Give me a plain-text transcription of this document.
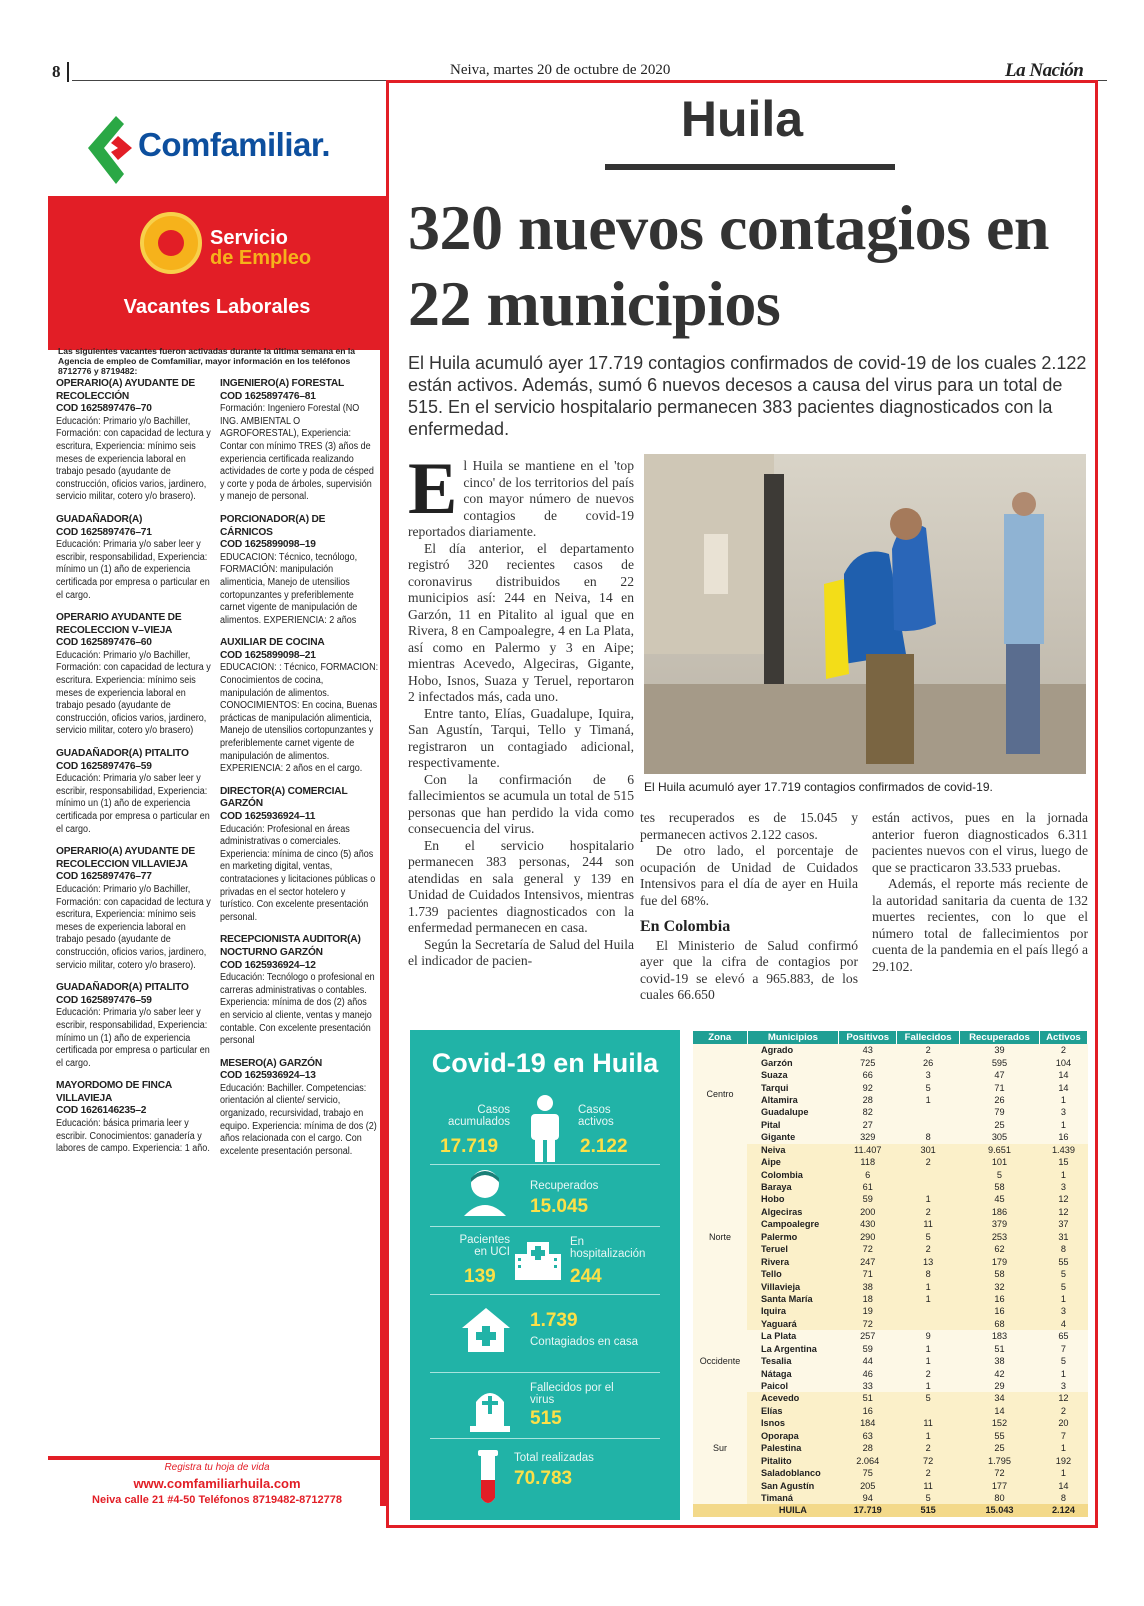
8	Neiva, martes 20 de octubre de 2020	La Nación
Comfamiliar.
Servicio
de Empleo
Vacantes Laborales
Las siguientes vacantes fueron activadas durante la última semana en la Agencia de empleo de Comfamiliar, mayor información en los teléfonos 8712776 y 8719482:
OPERARIO(A) AYUDANTE DE RECOLECCIÓN
COD 1625897476–70
Educación: Primario y/o Bachiller, Formación: con capacidad de lectura y escritura, Experiencia: mínimo seis meses de experiencia laboral en trabajo pesado (ayudante de construcción, oficios varios, jardinero, servicio militar, cotero y/o brasero).
GUADAÑADOR(A)
COD 1625897476–71
Educación: Primaria y/o saber leer y escribir, responsabilidad, Experiencia: mínimo un (1) año de experiencia certificada por empresa o particular en el cargo.
OPERARIO AYUDANTE DE RECOLECCION V–VIEJA
COD 1625897476–60
Educación: Primario y/o Bachiller, Formación: con capacidad de lectura y escritura. Experiencia: mínimo seis meses de experiencia laboral en trabajo pesado (ayudante de construcción, oficios varios, jardinero, servicio militar, cotero y/o brasero)
GUADAÑADOR(A) PITALITO
COD 1625897476–59
Educación: Primaria y/o saber leer y escribir, responsabilidad, Experiencia: mínimo un (1) año de experiencia certificada por empresa o particular en el cargo.
OPERARIO(A) AYUDANTE DE RECOLECCION VILLAVIEJA
COD 1625897476–77
Educación: Primario y/o Bachiller, Formación: con capacidad de lectura y escritura, Experiencia: mínimo seis meses de experiencia laboral en trabajo pesado (ayudante de construcción, oficios varios, jardinero, servicio militar, cotero y/o brasero).
GUADAÑADOR(A) PITALITO
COD 1625897476–59
Educación: Primaria y/o saber leer y escribir, responsabilidad, Experiencia: mínimo un (1) año de experiencia certificada por empresa o particular en el cargo.
MAYORDOMO DE FINCA VILLAVIEJA
COD 1626146235–2
Educación: básica primaria leer y escribir. Conocimientos: ganadería y labores de campo. Experiencia: 1 año.
INGENIERO(A) FORESTAL
COD 1625897476–81
Formación: Ingeniero Forestal (NO ING. AMBIENTAL O AGROFORESTAL), Experiencia: Contar con mínimo TRES (3) años de experiencia certificada realizando actividades de corte y poda de césped y corte y poda de árboles, supervisión y manejo de personal.
PORCIONADOR(A) DE CÁRNICOS
COD 1625899098–19
EDUCACION: Técnico, tecnólogo, FORMACIÓN: manipulación alimenticia, Manejo de utensilios cortopunzantes y preferiblemente carnet vigente de manipulación de alimentos. EXPERIENCIA: 2 años
AUXILIAR DE COCINA
COD 1625899098–21
EDUCACIÓN: : Técnico, FORMACIÓN: Conocimientos de cocina, manipulación de alimentos. CONOCIMIENTOS: En cocina, Buenas prácticas de manipulación alimenticia, Manejo de utensilios cortopunzantes y preferiblemente carnet vigente de manipulación de alimentos. EXPERIENCIA: 2 años en el cargo.
DIRECTOR(A) COMERCIAL GARZÓN
COD 1625936924–11
Educación: Profesional en áreas administrativas o comerciales. Experiencia: mínima de cinco (5) años en marketing digital, ventas, contrataciones y licitaciones públicas o privadas en el sector hotelero y turístico. Con excelente presentación personal.
RECEPCIONISTA AUDITOR(A) NOCTURNO GARZÓN
COD 1625936924–12
Educación: Tecnólogo o profesional en carreras administrativas o contables. Experiencia: mínima de dos (2) años en servicio al cliente, ventas y manejo contable. Con excelente presentación personal
MESERO(A) GARZÓN
COD 1625936924–13
Educación: Bachiller. Competencias: orientación al cliente/ servicio, organizado, recursividad, trabajo en equipo. Experiencia: mínima de dos (2) años relacionada con el cargo. Con excelente presentación personal.
Registra tu hoja de vida
www.comfamiliarhuila.com
Neiva calle 21 #4-50 Teléfonos 8719482-8712778
Huila
320 nuevos contagios en 22 municipios
El Huila acumuló ayer 17.719 contagios confirmados de covid-19 de los cuales 2.122 están activos. Además, sumó 6 nuevos decesos a causa del virus para un total de 515. En el servicio hospitalario permanecen 383 pacientes diagnosticados con la enfermedad.
E l Huila se mantiene en el 'top cinco' de los territorios del país con mayor número de nuevos contagios de covid-19 reportados diariamente.

El día anterior, el departamento registró 320 recientes casos de coronavirus distribuidos en 22 municipios así: 244 en Neiva, 14 en Garzón, 11 en Pitalito al igual que en Rivera, 8 en Campoalegre, 4 en La Plata, así como en Palermo y 3 en Aipe; mientras Acevedo, Algeciras, Gigante, Hobo, Isnos, Suaza y Teruel, reportaron 2 infectados más, cada uno.

Entre tanto, Elías, Guadalupe, Iquira, San Agustín, Tarqui, Tello y Timaná, registraron un contagiado adicional, respectivamente.

Con la confirmación de 6 fallecimientos se acumula un total de 515 personas que han perdido la vida como consecuencia del virus.

En el servicio hospitalario permanecen 383 personas, 244 son atendidas en sala general y 139 en Unidad de Cuidados Intensivos, mientras 1.739 pacientes diagnosticados con la enfermedad permanecen en casa.

Según la Secretaría de Salud del Huila el indicador de pacien-

El Huila acumuló ayer 17.719 contagios confirmados de covid-19.

tes recuperados es de 15.045 y permanecen activos 2.122 casos.

De otro lado, el porcentaje de ocupación de Unidad de Cuidados Intensivos para el día de ayer en Huila fue del 68%.

En Colombia

El Ministerio de Salud confirmó ayer que la cifra de contagios por covid-19 se elevó a 965.883, de los cuales 66.650

están activos, pues en la jornada anterior fueron diagnosticados 6.311 pacientes nuevos con el virus, luego de que se practicaron 33.533 pruebas.

Además, el reporte más reciente de la autoridad sanitaria da cuenta de 132 muertes recientes, con lo que el número total de fallecimientos por cuenta de la pandemia en el país llegó a 29.102.

Covid-19 en Huila
Casos acumulados
Casos activos
17.719	2.122
Recuperados
15.045
Pacientes en UCI
En hospitalización
139	244
1.739
Contagiados en casa
Fallecidos por el virus
515
Total realizadas
70.783
Zona	Municipios	Positivos	Fallecidos	Recuperados	Activos
Centro	Agrado	43	2	39	2
	Garzón	725	26	595	104
	Suaza	66	3	47	14
	Tarqui	92	5	71	14
	Altamira	28	1	26	1
	Guadalupe	82		79	3
	Pital	27		25	1
	Gigante	329	8	305	16
Norte	Neiva	11.407	301	9.651	1.439
	Aipe	118	2	101	15
	Colombia	6		5	1
	Baraya	61		58	3
	Hobo	59	1	45	12
	Algeciras	200	2	186	12
	Campoalegre	430	11	379	37
	Palermo	290	5	253	31
	Teruel	72	2	62	8
	Rivera	247	13	179	55
	Tello	71	8	58	5
	Villavieja	38	1	32	5
	Santa María	18	1	16	1
	Iquira	19		16	3
	Yaguará	72		68	4
Occidente	La Plata	257	9	183	65
	La Argentina	59	1	51	7
	Tesalia	44	1	38	5
	Nátaga	46	2	42	1
	Paicol	33	1	29	3
Sur	Acevedo	51	5	34	12
	Elías	16		14	2
	Isnos	184	11	152	20
	Oporapa	63	1	55	7
	Palestina	28	2	25	1
	Pitalito	2.064	72	1.795	192
	Saladoblanco	75	2	72	1
	San Agustín	205	11	177	14
	Timaná	94	5	80	8
	HUILA	17.719	515	15.043	2.124
